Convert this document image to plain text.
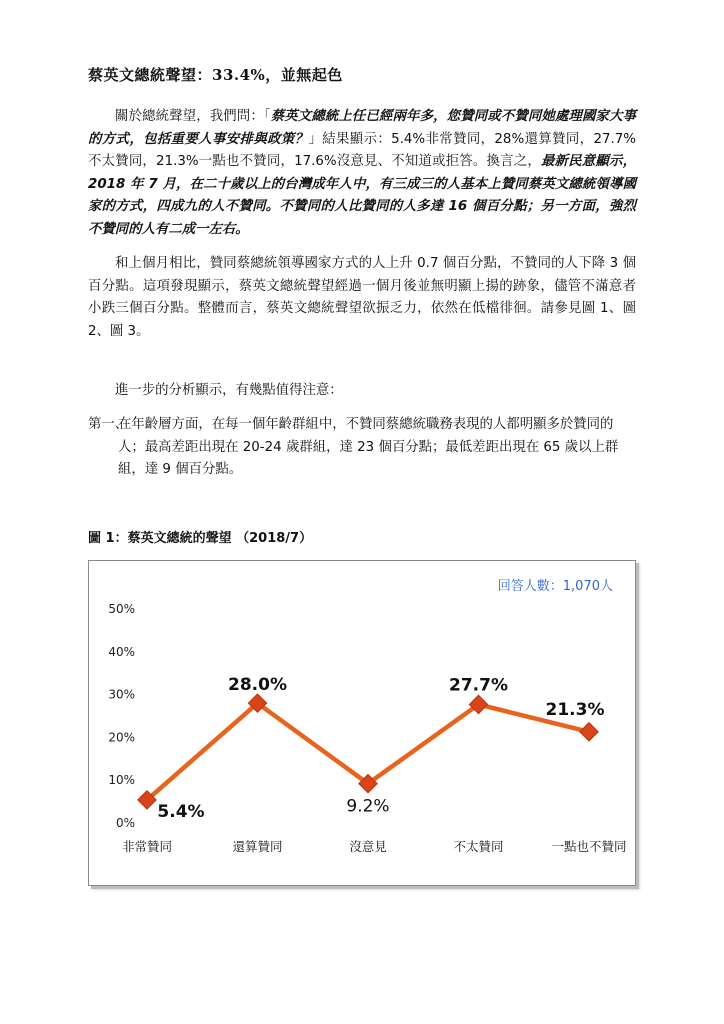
蔡英文總統聲望：33.4%，並無起色
關於總統聲望，我們問：「蔡英文總統上任已經兩年多，您贊同或不贊同她處理國家大事的方式，包括重要人事安排與政策？」結果顯示：5.4%非常贊同，28%還算贊同，27.7%不太贊同，21.3%一點也不贊同，17.6%沒意見、不知道或拒答。換言之，最新民意顯示，2018 年 7 月，在二十歲以上的台灣成年人中，有三成三的人基本上贊同蔡英文總統領導國家的方式，四成九的人不贊同。不贊同的人比贊同的人多達 16 個百分點；另一方面，強烈不贊同的人有二成一左右。
和上個月相比，贊同蔡總統領導國家方式的人上升 0.7 個百分點，不贊同的人下降 3 個百分點。這項發現顯示，蔡英文總統聲望經過一個月後並無明顯上揚的跡象，儘管不滿意者小跌三個百分點。整體而言，蔡英文總統聲望欲振乏力，依然在低檔徘徊。請參見圖 1、圖 2、圖 3。
進一步的分析顯示，有幾點值得注意：
第一、
在年齡層方面，在每一個年齡群組中，不贊同蔡總統職務表現的人都明顯多於贊同的人；最高差距出現在 20-24 歲群組，達 23 個百分點；最低差距出現在 65 歲以上群組，達 9 個百分點。
圖 1：蔡英文總統的聲望 （2018/7）
回答人數：1,070人
0%
10%
20%
30%
40%
50%
非常贊同	還算贊同	沒意見	不太贊同	一點也不贊同
5.4%
28.0%
9.2%
27.7%
21.3%
